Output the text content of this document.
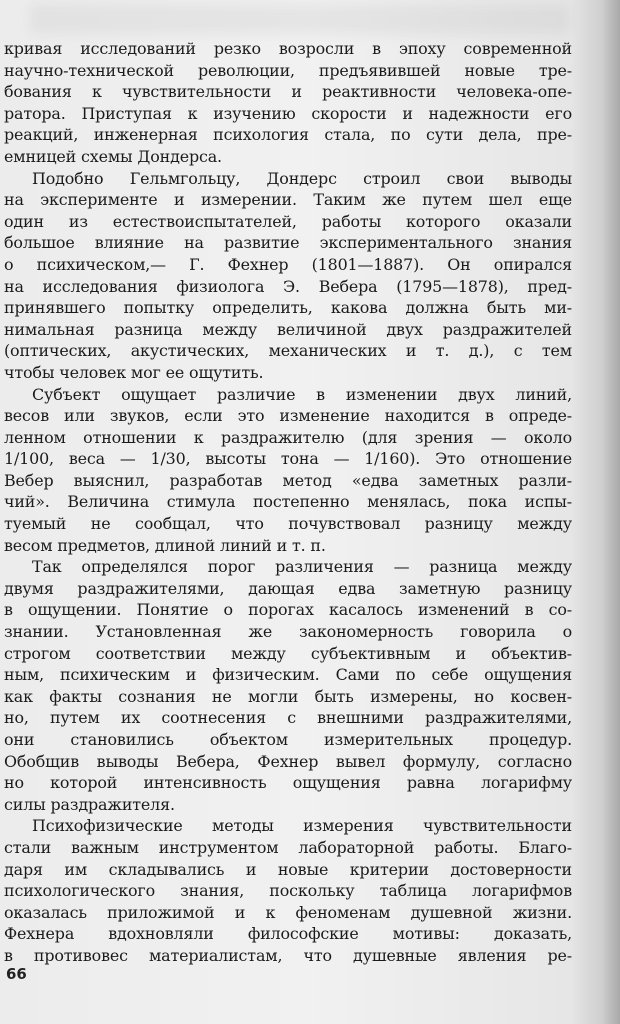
кривая исследований резко возросли в эпоху современной
научно-технической революции, предъявившей новые тре-
бования к чувствительности и реактивности человека-опе-
ратора. Приступая к изучению скорости и надежности его
реакций, инженерная психология стала, по сути дела, пре-
емницей схемы Дондерса.
Подобно Гельмгольцу, Дондерс строил свои выводы
на эксперименте и измерении. Таким же путем шел еще
один из естествоиспытателей, работы которого оказали
большое влияние на развитие экспериментального знания
о психическом,— Г. Фехнер (1801—1887). Он опирался
на исследования физиолога Э. Вебера (1795—1878), пред-
принявшего попытку определить, какова должна быть ми-
нимальная разница между величиной двух раздражителей
(оптических, акустических, механических и т. д.), с тем
чтобы человек мог ее ощутить.
Субъект ощущает различие в изменении двух линий,
весов или звуков, если это изменение находится в опреде-
ленном отношении к раздражителю (для зрения — около
1/100, веса — 1/30, высоты тона — 1/160). Это отношение
Вебер выяснил, разработав метод «едва заметных разли-
чий». Величина стимула постепенно менялась, пока испы-
туемый не сообщал, что почувствовал разницу между
весом предметов, длиной линий и т. п.
Так определялся порог различения — разница между
двумя раздражителями, дающая едва заметную разницу
в ощущении. Понятие о порогах касалось изменений в со-
знании. Установленная же закономерность говорила о
строгом соответствии между субъективным и объектив-
ным, психическим и физическим. Сами по себе ощущения
как факты сознания не могли быть измерены, но косвен-
но, путем их соотнесения с внешними раздражителями,
они становились объектом измерительных процедур.
Обобщив выводы Вебера, Фехнер вывел формулу, согласно
но которой интенсивность ощущения равна логарифму
силы раздражителя.
Психофизические методы измерения чувствительности
стали важным инструментом лабораторной работы. Благо-
даря им складывались и новые критерии достоверности
психологического знания, поскольку таблица логарифмов
оказалась приложимой и к феноменам душевной жизни.
Фехнера вдохновляли философские мотивы: доказать,
в противовес материалистам, что душевные явления ре-
66
